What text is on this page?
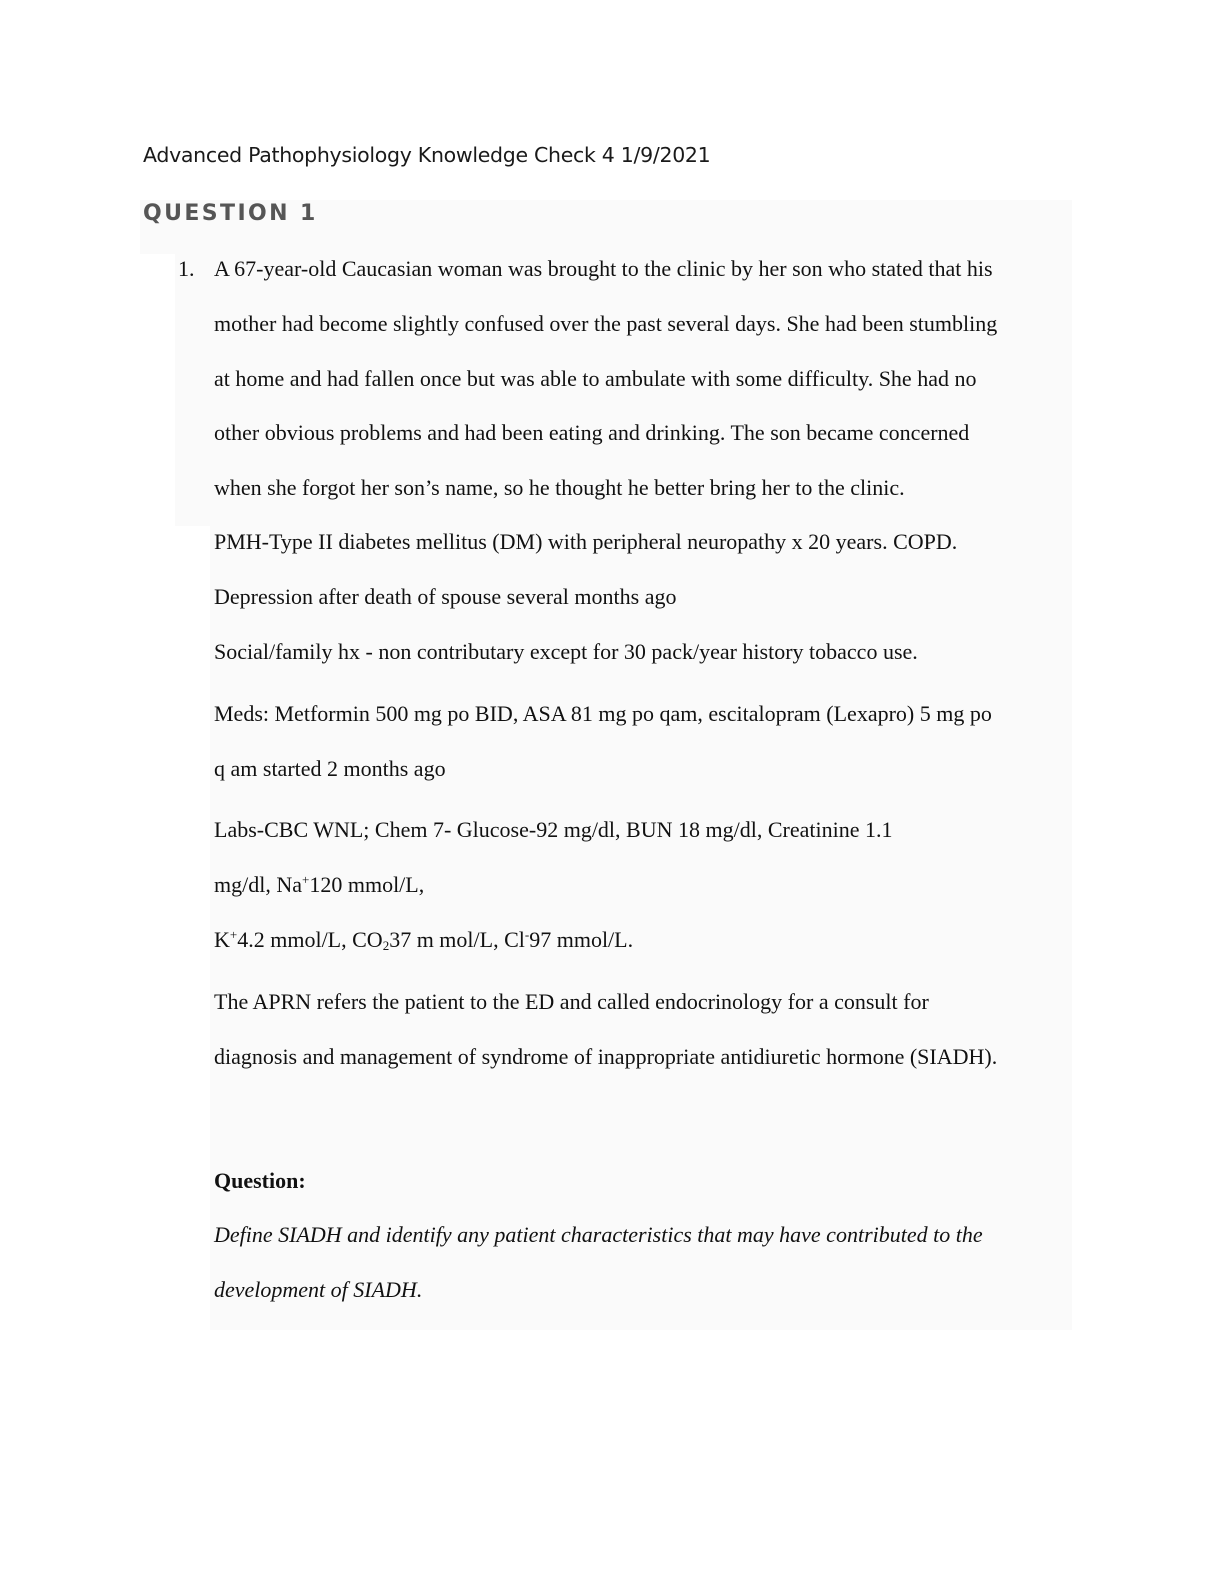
Advanced Pathophysiology Knowledge Check 4 1/9/2021
QUESTION 1
1. A 67-year-old Caucasian woman was brought to the clinic by her son who stated that his
mother had become slightly confused over the past several days. She had been stumbling
at home and had fallen once but was able to ambulate with some difficulty. She had no
other obvious problems and had been eating and drinking. The son became concerned
when she forgot her son’s name, so he thought he better bring her to the clinic.
PMH-Type II diabetes mellitus (DM) with peripheral neuropathy x 20 years. COPD.
Depression after death of spouse several months ago
Social/family hx - non contributary except for 30 pack/year history tobacco use.
Meds: Metformin 500 mg po BID, ASA 81 mg po qam, escitalopram (Lexapro) 5 mg po
q am started 2 months ago
Labs-CBC WNL; Chem 7- Glucose-92 mg/dl, BUN 18 mg/dl, Creatinine 1.1
mg/dl, Na+120 mmol/L,
K+4.2 mmol/L, $CO_237$ m mol/L, Cl-97 mmol/L.
The APRN refers the patient to the ED and called endocrinology for a consult for
diagnosis and management of syndrome of inappropriate antidiuretic hormone (SIADH).
Question:
Define SIADH and identify any patient characteristics that may have contributed to the
development of SIADH.
